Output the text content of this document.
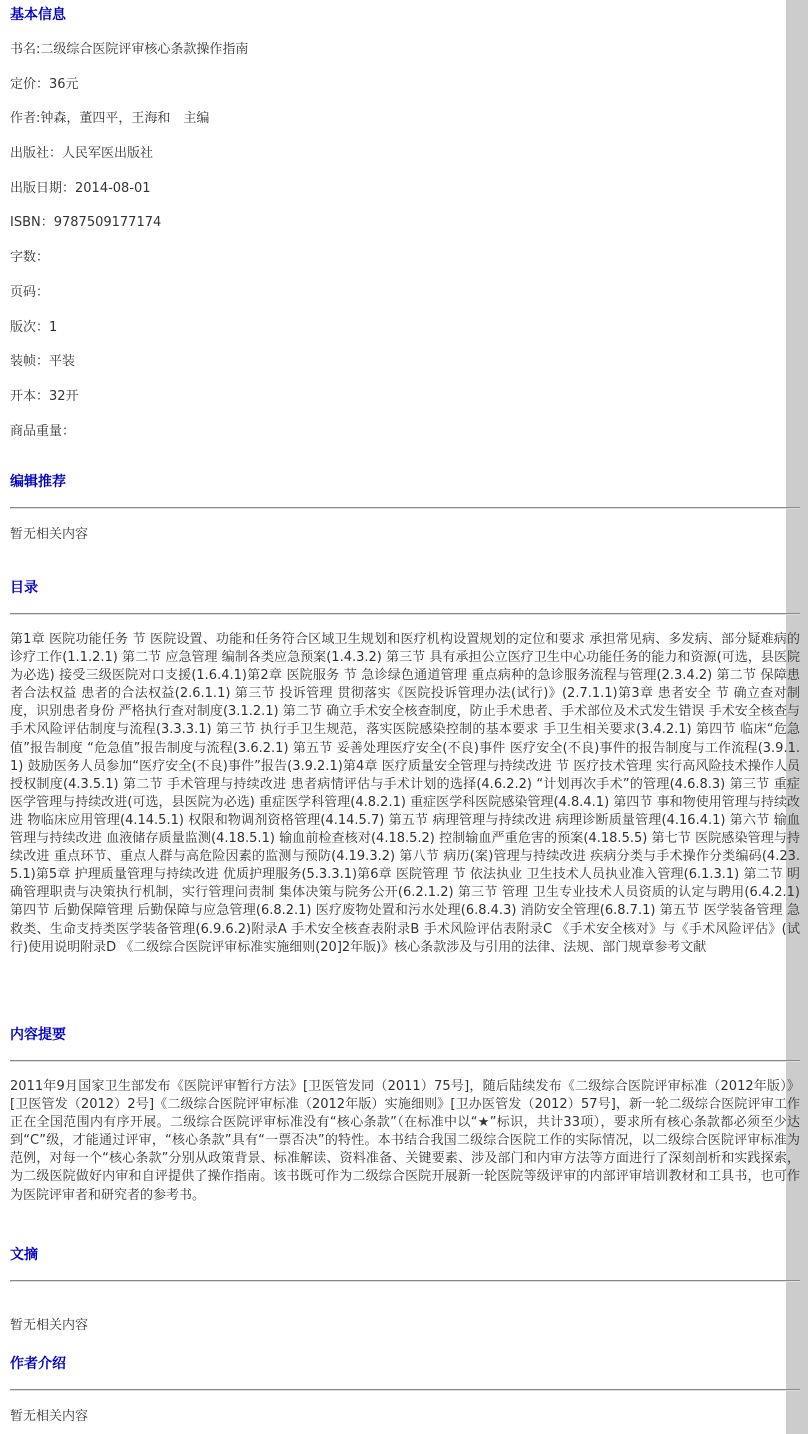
基本信息
书名:二级综合医院评审核心条款操作指南
定价：36元
作者:钟森，董四平，王海和　主编
出版社：人民军医出版社
出版日期：2014-08-01
ISBN：9787509177174
字数：
页码：
版次：1
装帧：平装
开本：32开
商品重量：
编辑推荐
暂无相关内容
目录

第1章 医院功能任务 节 医院设置、功能和任务符合区域卫生规划和医疗机构设置规划的定位和要求 承担常见病、多发病、部分疑难病的诊疗工作(1.1.2.1) 第二节 应急管理 编制各类应急预案(1.4.3.2) 第三节 具有承担公立医疗卫生中心功能任务的能力和资源(可选，县医院为必选) 接受三级医院对口支援(1.6.4.1)第2章 医院服务 节 急诊绿色通道管理 重点病种的急诊服务流程与管理(2.3.4.2) 第二节 保障患者合法权益 患者的合法权益(2.6.1.1) 第三节 投诉管理 贯彻落实《医院投诉管理办法(试行)》(2.7.1.1)第3章 患者安全 节 确立查对制度，识别患者身份 严格执行查对制度(3.1.2.1) 第二节 确立手术安全核查制度，防止手术患者、手术部位及术式发生错误 手术安全核查与手术风险评估制度与流程(3.3.3.1) 第三节 执行手卫生规范，落实医院感染控制的基本要求 手卫生相关要求(3.4.2.1) 第四节 临床“危急值”报告制度 “危急值”报告制度与流程(3.6.2.1) 第五节 妥善处理医疗安全(不良)事件 医疗安全(不良)事件的报告制度与工作流程(3.9.1.1) 鼓励医务人员参加“医疗安全(不良)事件”报告(3.9.2.1)第4章 医疗质量安全管理与持续改进 节 医疗技术管理 实行高风险技术操作人员授权制度(4.3.5.1) 第二节 手术管理与持续改进 患者病情评估与手术计划的选择(4.6.2.2) “计划再次手术”的管理(4.6.8.3) 第三节 重症医学管理与持续改进(可选，县医院为必选) 重症医学科管理(4.8.2.1) 重症医学科医院感染管理(4.8.4.1) 第四节 事和物使用管理与持续改进 物临床应用管理(4.14.5.1) 权限和物调剂资格管理(4.14.5.7) 第五节 病理管理与持续改进 病理诊断质量管理(4.16.4.1) 第六节 输血管理与持续改进 血液储存质量监测(4.18.5.1) 输血前检查核对(4.18.5.2) 控制输血严重危害的预案(4.18.5.5) 第七节 医院感染管理与持续改进 重点环节、重点人群与高危险因素的监测与预防(4.19.3.2) 第八节 病历(案)管理与持续改进 疾病分类与手术操作分类编码(4.23.5.1)第5章 护理质量管理与持续改进 优质护理服务(5.3.3.1)第6章 医院管理 节 依法执业 卫生技术人员执业准入管理(6.1.3.1) 第二节 明确管理职责与决策执行机制，实行管理问责制 集体决策与院务公开(6.2.1.2) 第三节 管理 卫生专业技术人员资质的认定与聘用(6.4.2.1) 第四节 后勤保障管理 后勤保障与应急管理(6.8.2.1) 医疗废物处置和污水处理(6.8.4.3) 消防安全管理(6.8.7.1) 第五节 医学装备管理 急救类、生命支持类医学装备管理(6.9.6.2)附录A 手术安全核查表附录B 手术风险评估表附录C 《手术安全核对》与《手术风险评估》(试行)使用说明附录D 《二级综合医院评审标准实施细则(20]2年版)》核心条款涉及与引用的法律、法规、部门规章参考文献

内容提要

2011年9月国家卫生部发布《医院评审暂行方法》[卫医管发同（2011）75号]，随后陆续发布《二级综合医院评审标准（2012年版）》[卫医管发（2012）2号]《二级综合医院评审标准（2012年版）实施细则》[卫办医管发（2012）57号]，新一轮二级综合医院评审工作正在全国范围内有序开展。二级综合医院评审标准没有“核心条款”（在标准中以“★”标识，共计33项），要求所有核心条款都必须至少达到“C”级，才能通过评审，“核心条款”具有“一票否决”的特性。本书结合我国二级综合医院工作的实际情况，以二级综合医院评审标准为范例，对每一个“核心条款”分别从政策背景、标准解读、资料准备、关键要素、涉及部门和内审方法等方面进行了深刻剖析和实践探索，为二级医院做好内审和自评提供了操作指南。该书既可作为二级综合医院开展新一轮医院等级评审的内部评审培训教材和工具书，也可作为医院评审者和研究者的参考书。

文摘
暂无相关内容
作者介绍
暂无相关内容
